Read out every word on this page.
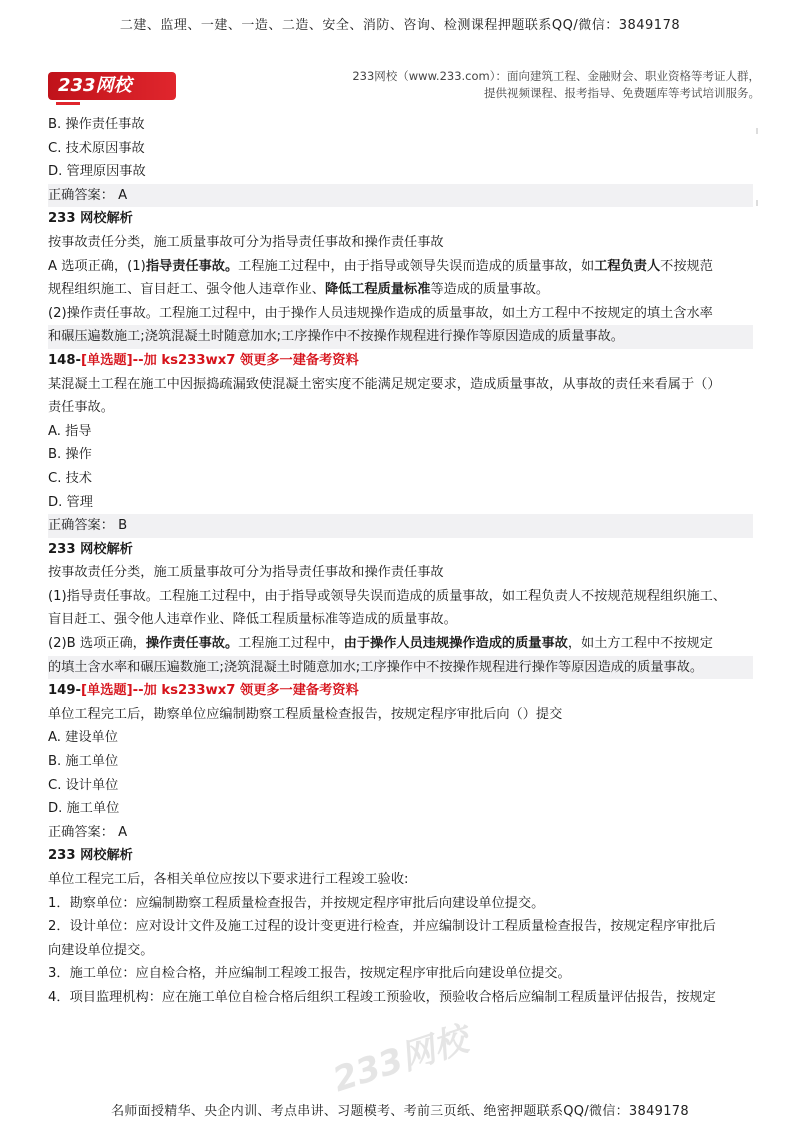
二建、监理、一建、一造、二造、安全、消防、咨询、检测课程押题联系QQ/微信：3849178
233网校	233网校（www.233.com）：面向建筑工程、金融财会、职业资格等考证人群，
提供视频课程、报考指导、免费题库等考试培训服务。
B. 操作责任事故
C. 技术原因事故
D. 管理原因事故
正确答案： A
233 网校解析
按事故责任分类，施工质量事故可分为指导责任事故和操作责任事故
A 选项正确，(1)指导责任事故。工程施工过程中，由于指导或领导失误而造成的质量事故，如工程负责人不按规范
规程组织施工、盲目赶工、强令他人违章作业、降低工程质量标准等造成的质量事故。
(2)操作责任事故。工程施工过程中，由于操作人员违规操作造成的质量事故，如土方工程中不按规定的填土含水率
和碾压遍数施工;浇筑混凝土时随意加水;工序操作中不按操作规程进行操作等原因造成的质量事故。
148-[单选题]--加 ks233wx7 领更多一建备考资料
某混凝土工程在施工中因振捣疏漏致使混凝土密实度不能满足规定要求，造成质量事故，从事故的责任来看属于（）
责任事故。
A. 指导
B. 操作
C. 技术
D. 管理
正确答案： B
233 网校解析
按事故责任分类，施工质量事故可分为指导责任事故和操作责任事故
(1)指导责任事故。工程施工过程中，由于指导或领导失误而造成的质量事故，如工程负责人不按规范规程组织施工、
盲目赶工、强令他人违章作业、降低工程质量标准等造成的质量事故。
(2)B 选项正确，操作责任事故。工程施工过程中，由于操作人员违规操作造成的质量事故，如土方工程中不按规定
的填土含水率和碾压遍数施工;浇筑混凝土时随意加水;工序操作中不按操作规程进行操作等原因造成的质量事故。
149-[单选题]--加 ks233wx7 领更多一建备考资料
单位工程完工后，勘察单位应编制勘察工程质量检查报告，按规定程序审批后向（）提交
A. 建设单位
B. 施工单位
C. 设计单位
D. 施工单位
正确答案： A
233 网校解析
单位工程完工后，各相关单位应按以下要求进行工程竣工验收:
1．勘察单位：应编制勘察工程质量检查报告，并按规定程序审批后向建设单位提交。
2．设计单位：应对设计文件及施工过程的设计变更进行检查，并应编制设计工程质量检查报告，按规定程序审批后
向建设单位提交。
3．施工单位：应自检合格，并应编制工程竣工报告，按规定程序审批后向建设单位提交。
4．项目监理机构：应在施工单位自检合格后组织工程竣工预验收，预验收合格后应编制工程质量评估报告，按规定
233网校
名师面授精华、央企内训、考点串讲、习题模考、考前三页纸、绝密押题联系QQ/微信：3849178
